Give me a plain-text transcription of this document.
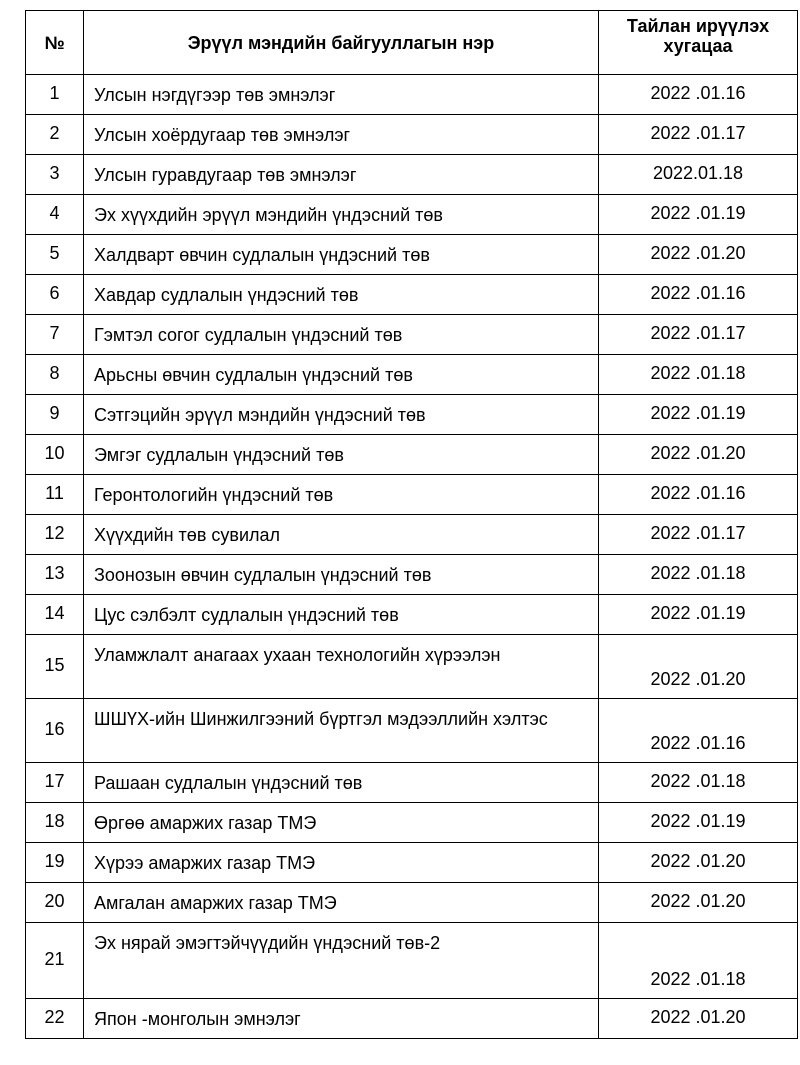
№	Эрүүл мэндийн байгууллагын нэр	Тайлан ирүүлэх хугацаа
1	Улсын нэгдүгээр төв эмнэлэг	2022 .01.16
2	Улсын хоёрдугаар төв эмнэлэг	2022 .01.17
3	Улсын гуравдугаар төв эмнэлэг	2022.01.18
4	Эх хүүхдийн эрүүл мэндийн үндэсний төв	2022 .01.19
5	Халдварт өвчин судлалын үндэсний төв	2022 .01.20
6	Хавдар судлалын үндэсний төв	2022 .01.16
7	Гэмтэл согог судлалын үндэсний төв	2022 .01.17
8	Арьсны өвчин судлалын үндэсний төв	2022 .01.18
9	Сэтгэцийн эрүүл мэндийн үндэсний төв	2022 .01.19
10	Эмгэг судлалын үндэсний төв	2022 .01.20
11	Геронтологийн үндэсний төв	2022 .01.16
12	Хүүхдийн төв сувилал	2022 .01.17
13	Зоонозын өвчин судлалын үндэсний төв	2022 .01.18
14	Цус сэлбэлт судлалын үндэсний төв	2022 .01.19
15	Уламжлалт анагаах ухаан технологийн хүрээлэн	2022 .01.20
16	ШШҮХ-ийн Шинжилгээний бүртгэл мэдээллийн хэлтэс	2022 .01.16
17	Рашаан судлалын үндэсний төв	2022 .01.18
18	Өргөө амаржих газар ТМЭ	2022 .01.19
19	Хүрээ амаржих газар ТМЭ	2022 .01.20
20	Амгалан амаржих газар ТМЭ	2022 .01.20
21	Эх нярай эмэгтэйчүүдийн үндэсний төв-2	2022 .01.18
22	Япон -монголын эмнэлэг	2022 .01.20
